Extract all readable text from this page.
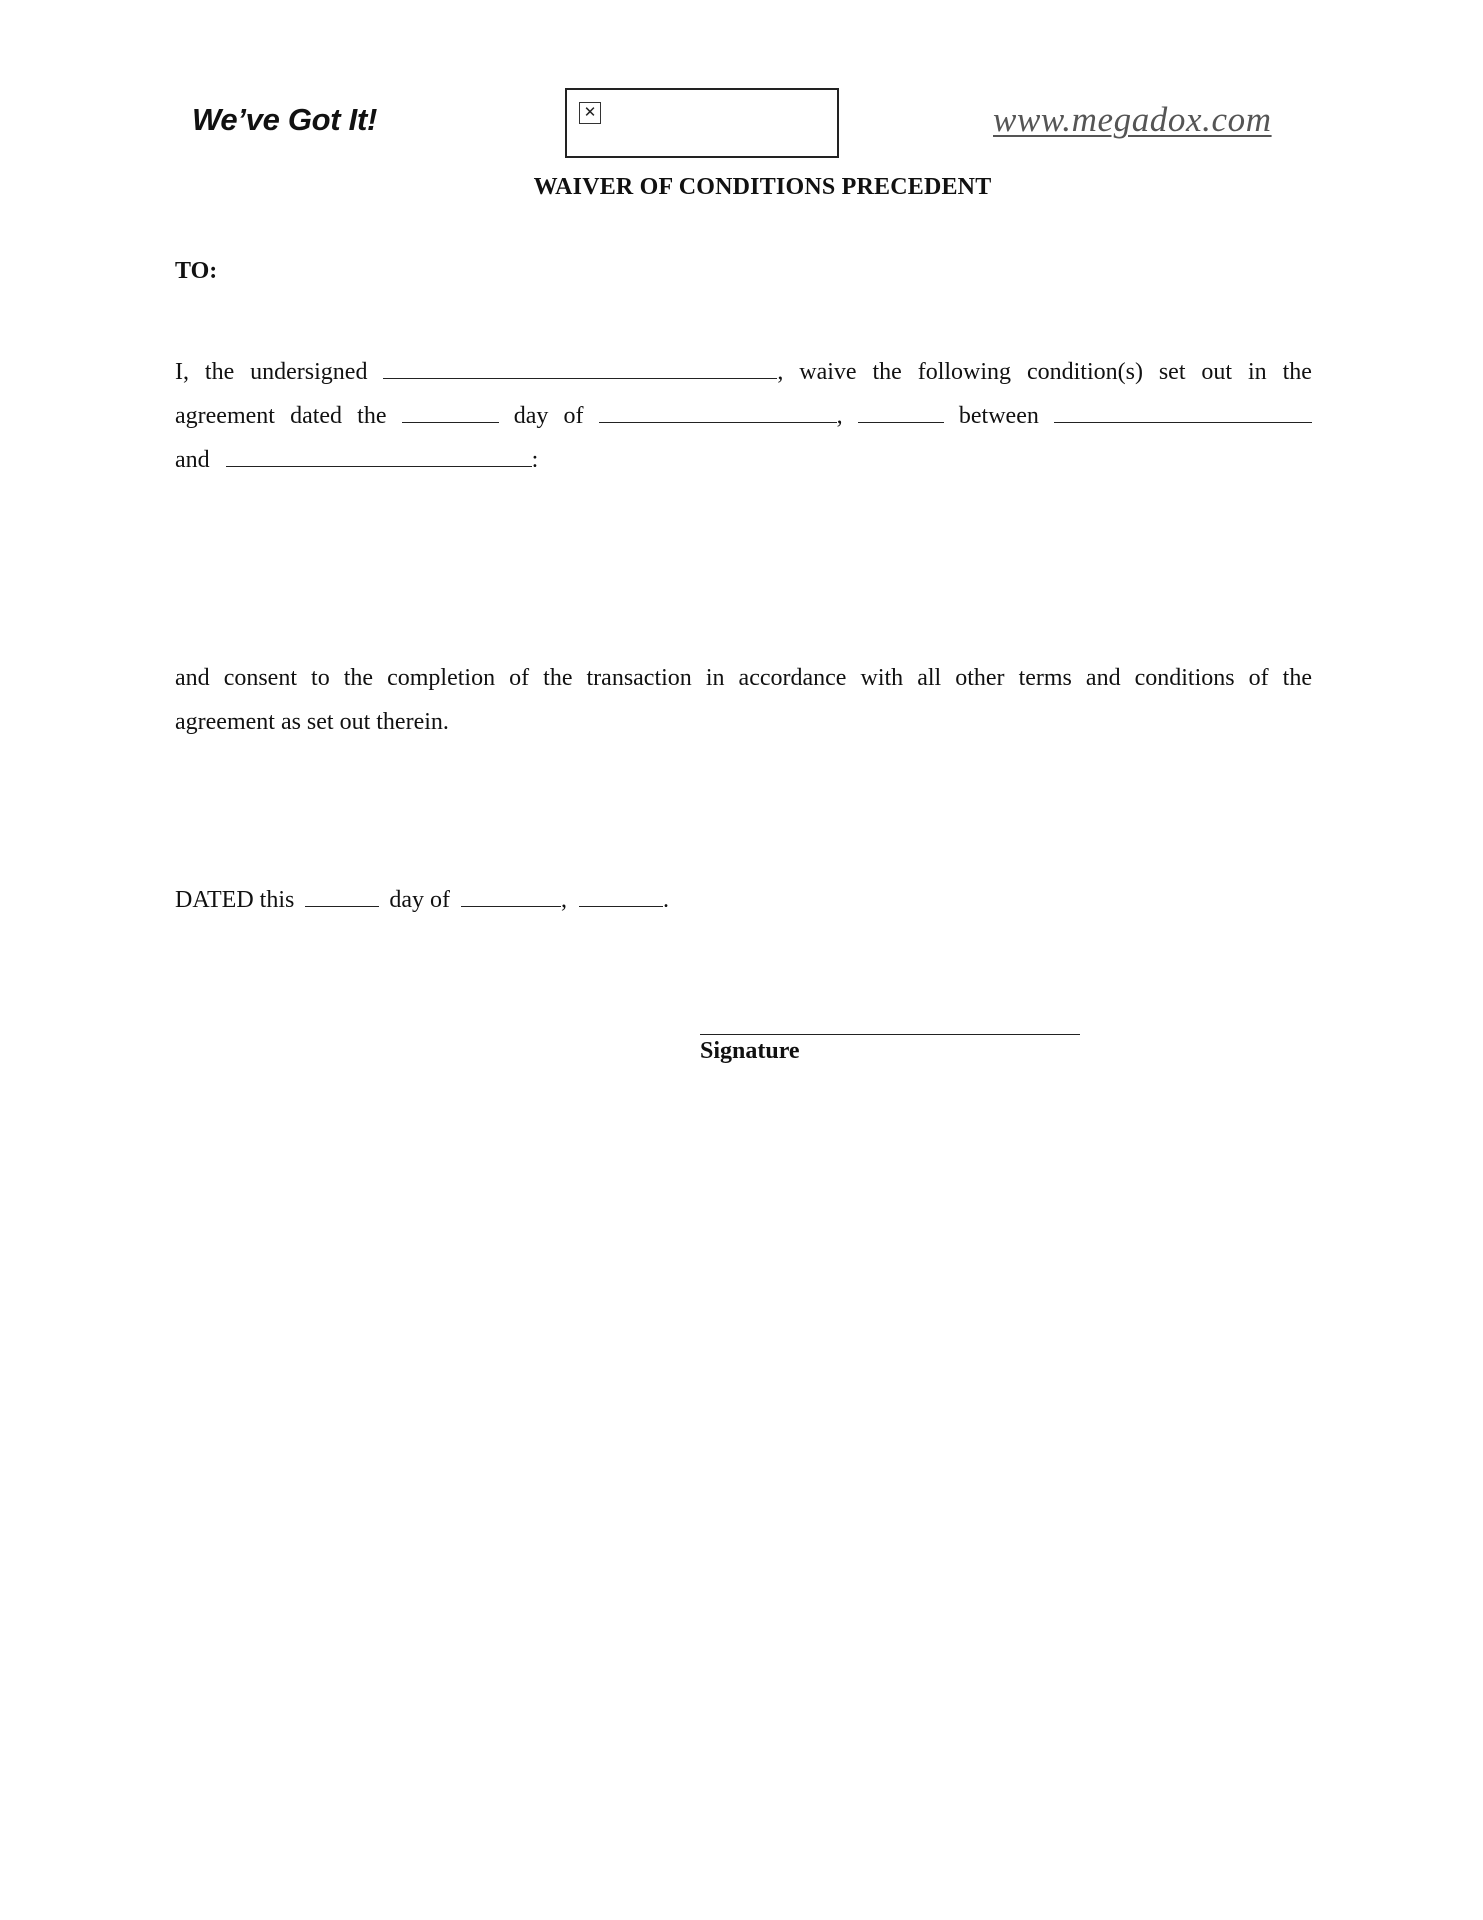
We’ve Got It!	✕	www.megadox.com
WAIVER OF CONDITIONS PRECEDENT
TO:
I, the undersigned	, waive the following condition(s) set out in the
agreement dated the	day of	,	between
and	:
and consent to the completion of the transaction in accordance with all other terms and conditions of the
agreement as set out therein.
DATED this	day of	,	.
Signature
